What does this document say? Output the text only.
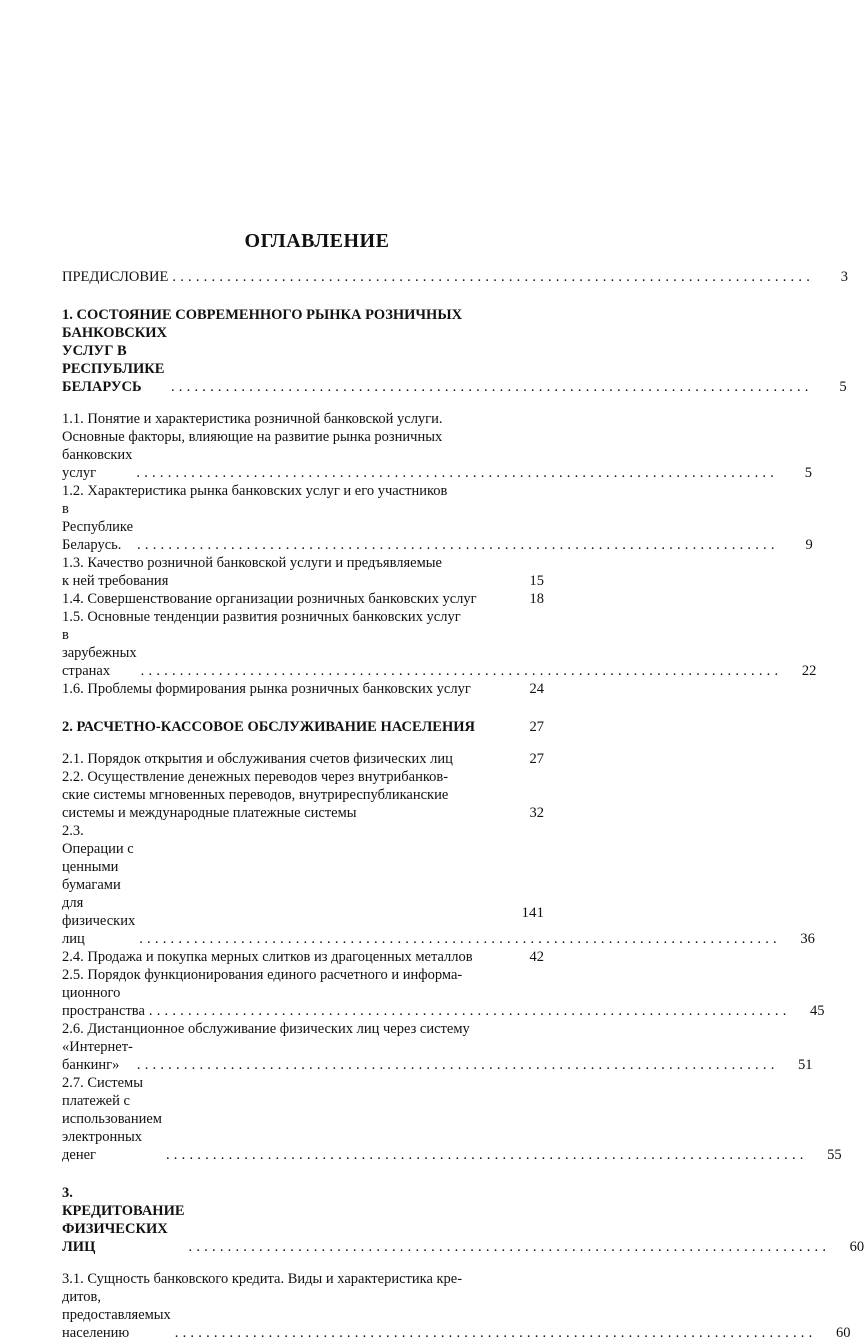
ОГЛАВЛЕНИЕ
ПРЕДИСЛОВИЕ ..................................................................................	3
1. СОСТОЯНИЕ СОВРЕМЕННОГО РЫНКА РОЗНИЧНЫХ
БАНКОВСКИХ УСЛУГ В РЕСПУБЛИКЕ БЕЛАРУСЬ	..................................................................................	5
1.1. Понятие и характеристика розничной банковской услуги.
Основные факторы, влияющие на развитие рынка розничных
банковских услуг	..................................................................................	5
1.2. Характеристика рынка банковских услуг и его участников
в Республике Беларусь.	..................................................................................	9
1.3. Качество розничной банковской услуги и предъявляемые
к ней требования	15
1.4. Совершенствование организации розничных банковских услуг	18
1.5. Основные тенденции развития розничных банковских услуг
в зарубежных странах	..................................................................................	22
1.6. Проблемы формирования рынка розничных банковских услуг	24
2. РАСЧЕТНО-КАССОВОЕ ОБСЛУЖИВАНИЕ НАСЕЛЕНИЯ	27
2.1. Порядок открытия и обслуживания счетов физических лиц	27
2.2. Осуществление денежных переводов через внутрибанков-
ские системы мгновенных переводов, внутриреспубликанские
системы и международные платежные системы	32
2.3. Операции с ценными бумагами для физических лиц	..................................................................................	36
2.4. Продажа и покупка мерных слитков из драгоценных металлов	42
2.5. Порядок функционирования единого расчетного и информа-
ционного пространства ..................................................................................	45
2.6. Дистанционное обслуживание физических лиц через систему
«Интернет-банкинг»	..................................................................................	51
2.7. Системы платежей с использованием электронных денег	..................................................................................	55
3. КРЕДИТОВАНИЕ ФИЗИЧЕСКИХ ЛИЦ	..................................................................................	60
3.1. Сущность банковского кредита. Виды и характеристика кре-
дитов, предоставляемых населению	..................................................................................	60
141
